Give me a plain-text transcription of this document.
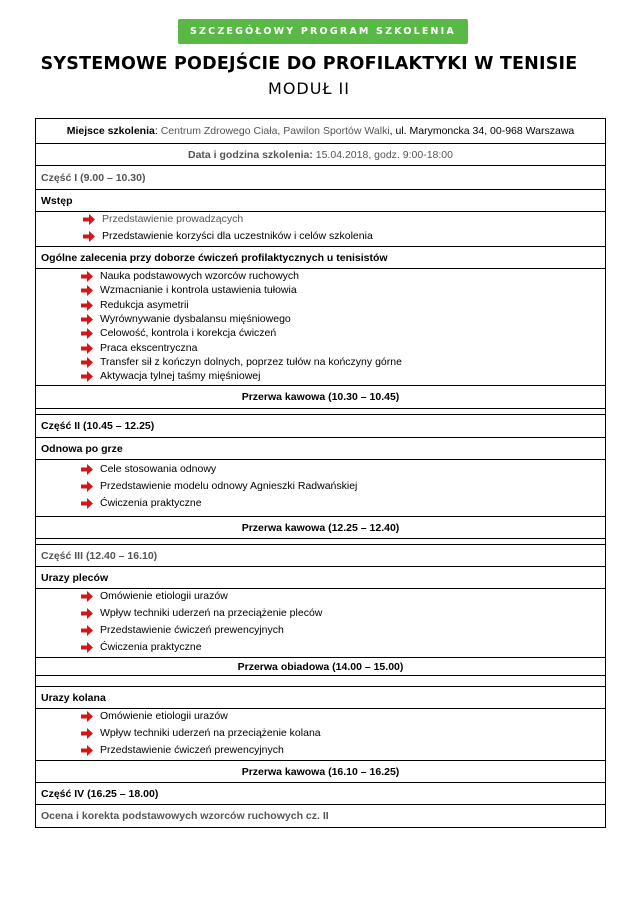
SZCZEGÓŁOWY PROGRAM SZKOLENIA
SYSTEMOWE PODEJŚCIE DO PROFILAKTYKI W TENISIE
MODUŁ II
Miejsce szkolenia: Centrum Zdrowego Ciała, Pawilon Sportów Walki, ul. Marymoncka 34, 00-968 Warszawa
Data i godzina szkolenia: 15.04.2018, godz. 9:00-18:00
Część I (9.00 – 10.30)
Wstęp
Przedstawienie prowadzących
Przedstawienie korzyści dla uczestników i celów szkolenia
Ogólne zalecenia przy doborze ćwiczeń profilaktycznych u tenisistów
Nauka podstawowych wzorców ruchowych
Wzmacnianie i kontrola ustawienia tułowia
Redukcja asymetrii
Wyrównywanie dysbalansu mięśniowego
Celowość, kontrola i korekcja ćwiczeń
Praca ekscentryczna
Transfer sił z kończyn dolnych, poprzez tułów na kończyny górne
Aktywacja tylnej taśmy mięśniowej
Przerwa kawowa (10.30 – 10.45)
Część II (10.45 – 12.25)
Odnowa po grze
Cele stosowania odnowy
Przedstawienie modelu odnowy Agnieszki Radwańskiej
Ćwiczenia praktyczne
Przerwa kawowa (12.25 – 12.40)
Część III (12.40 – 16.10)
Urazy pleców
Omówienie etiologii urazów
Wpływ techniki uderzeń na przeciążenie pleców
Przedstawienie ćwiczeń prewencyjnych
Ćwiczenia praktyczne
Przerwa obiadowa (14.00 – 15.00)
Urazy kolana
Omówienie etiologii urazów
Wpływ techniki uderzeń na przeciążenie kolana
Przedstawienie ćwiczeń prewencyjnych
Przerwa kawowa (16.10 – 16.25)
Część IV (16.25 – 18.00)
Ocena i korekta podstawowych wzorców ruchowych cz. II
